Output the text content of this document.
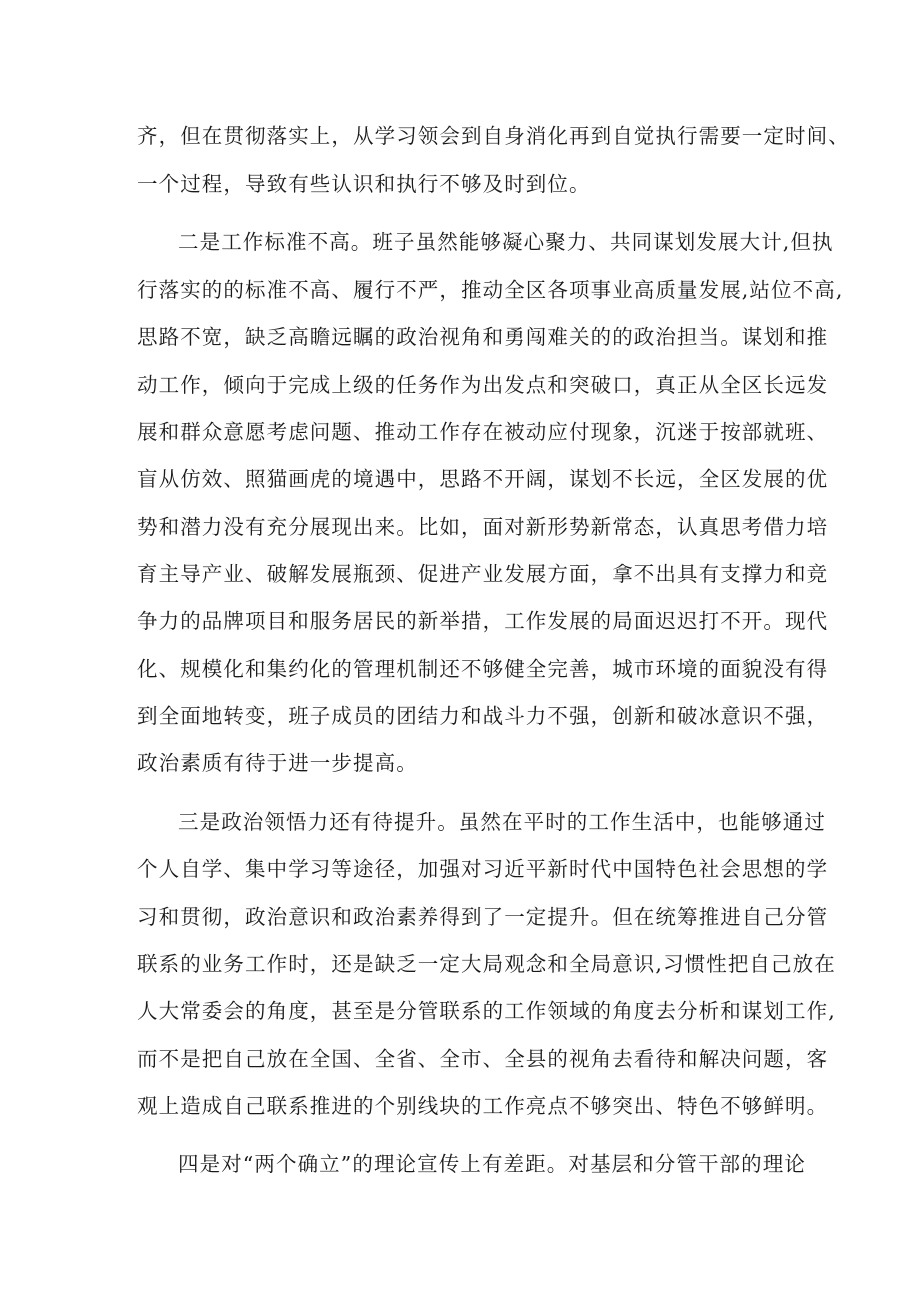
齐，但在贯彻落实上，从学习领会到自身消化再到自觉执行需要一定时间、
一个过程，导致有些认识和执行不够及时到位。
二是工作标准不高。班子虽然能够凝心聚力、共同谋划发展大计,但执
行落实的的标准不高、履行不严，推动全区各项事业高质量发展,站位不高,
思路不宽，缺乏高瞻远瞩的政治视角和勇闯难关的的政治担当。谋划和推
动工作，倾向于完成上级的任务作为出发点和突破口，真正从全区长远发
展和群众意愿考虑问题、推动工作存在被动应付现象，沉迷于按部就班、
盲从仿效、照猫画虎的境遇中，思路不开阔，谋划不长远，全区发展的优
势和潜力没有充分展现出来。比如，面对新形势新常态，认真思考借力培
育主导产业、破解发展瓶颈、促进产业发展方面，拿不出具有支撑力和竞
争力的品牌项目和服务居民的新举措，工作发展的局面迟迟打不开。现代
化、规模化和集约化的管理机制还不够健全完善，城市环境的面貌没有得
到全面地转变，班子成员的团结力和战斗力不强，创新和破冰意识不强，
政治素质有待于进一步提高。
三是政治领悟力还有待提升。虽然在平时的工作生活中，也能够通过
个人自学、集中学习等途径，加强对习近平新时代中国特色社会思想的学
习和贯彻，政治意识和政治素养得到了一定提升。但在统筹推进自己分管
联系的业务工作时，还是缺乏一定大局观念和全局意识,习惯性把自己放在
人大常委会的角度，甚至是分管联系的工作领域的角度去分析和谋划工作,
而不是把自己放在全国、全省、全市、全县的视角去看待和解决问题，客
观上造成自己联系推进的个别线块的工作亮点不够突出、特色不够鲜明。
四是对“两个确立”的理论宣传上有差距。对基层和分管干部的理论
